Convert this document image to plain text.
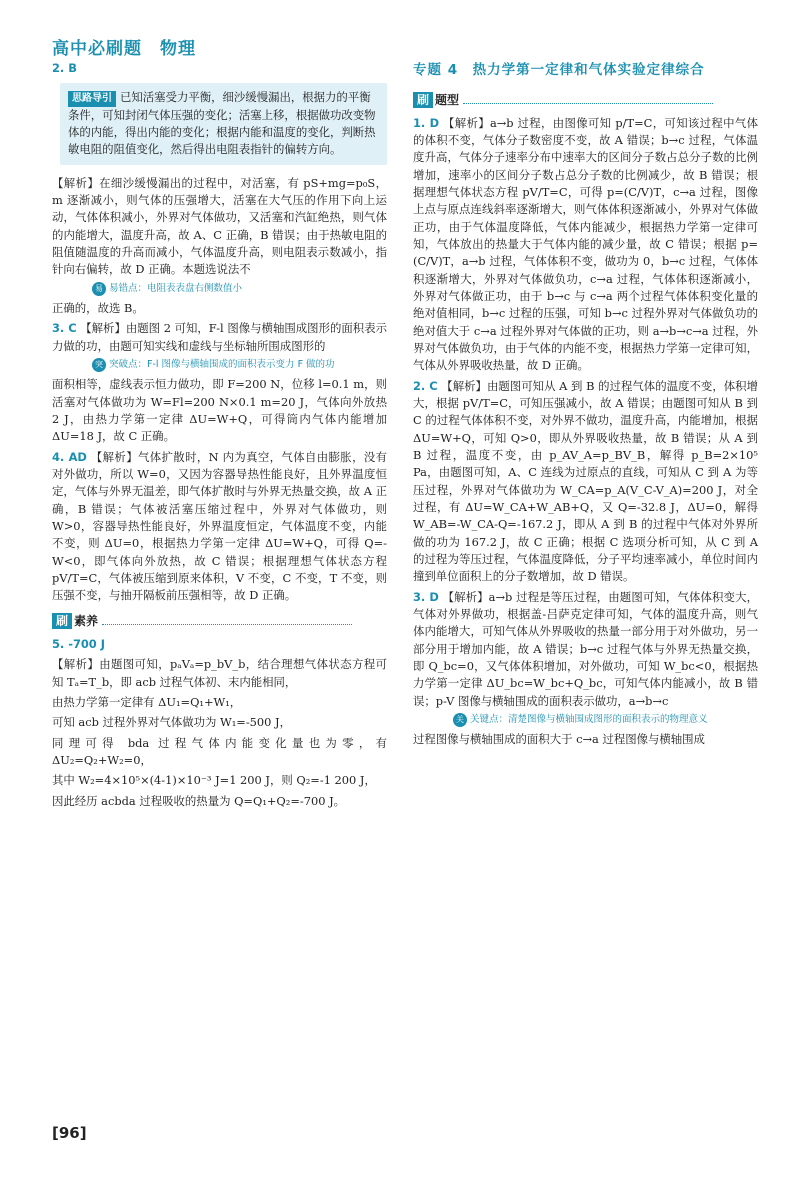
高中必刷题　物理

2. B

思路导引 已知活塞受力平衡，细沙缓慢漏出，根据力的平衡条件，可知封闭气体压强的变化；活塞上移，根据做功改变物体的内能，得出内能的变化；根据内能和温度的变化，判断热敏电阻的阻值变化，然后得出电阻表指针的偏转方向。

【解析】在细沙缓慢漏出的过程中，对活塞，有 pS+mg=p₀S，m 逐渐减小，则气体的压强增大，活塞在大气压的作用下向上运动，气体体积减小，外界对气体做功，又活塞和汽缸绝热，则气体的内能增大，温度升高，故 A、C 正确，B 错误；由于热敏电阻的阻值随温度的升高而减小，气体温度升高，则电阻表示数减小，指针向右偏转，故 D 正确。本题选说法不

易 易错点：电阻表表盘右侧数值小

正确的，故选 B。

3. C 【解析】由题图 2 可知，F-l 图像与横轴围成图形的面积表示力做的功，由题可知实线和虚线与坐标轴所围成图形的

突 突破点：F-l 图像与横轴围成的面积表示变力 F 做的功

面积相等，虚线表示恒力做功，即 F=200 N，位移 l=0.1 m，则活塞对气体做功为 W=Fl=200 N×0.1 m=20 J，气体向外放热 2 J，由热力学第一定律 ΔU=W+Q，可得筒内气体内能增加 ΔU=18 J，故 C 正确。

4. AD 【解析】气体扩散时，N 内为真空，气体自由膨胀，没有对外做功，所以 W=0，又因为容器导热性能良好，且外界温度恒定，气体与外界无温差，即气体扩散时与外界无热量交换，故 A 正确，B 错误；气体被活塞压缩过程中，外界对气体做功，则 W>0，容器导热性能良好，外界温度恒定，气体温度不变，内能不变，则 ΔU=0，根据热力学第一定律 ΔU=W+Q，可得 Q=-W<0，即气体向外放热，故 C 错误；根据理想气体状态方程 pV/T=C，气体被压缩到原来体积，V 不变，C 不变，T 不变，则压强不变，与抽开隔板前压强相等，故 D 正确。

刷 素养

5. -700 J

【解析】由题图可知，pₐVₐ=p_bV_b，结合理想气体状态方程可知 Tₐ=T_b，即 acb 过程气体初、末内能相同，

由热力学第一定律有 ΔU₁=Q₁+W₁，

可知 acb 过程外界对气体做功为 W₁=-500 J，

同理可得 bda 过程气体内能变化量也为零，有 ΔU₂=Q₂+W₂=0，

其中 W₂=4×10⁵×(4-1)×10⁻³ J=1 200 J，则 Q₂=-1 200 J，

因此经历 acbda 过程吸收的热量为 Q=Q₁+Q₂=-700 J。

专题 4　热力学第一定律和气体实验定律综合
刷 题型

1. D 【解析】a→b 过程，由图像可知 p/T=C，可知该过程中气体的体积不变，气体分子数密度不变，故 A 错误；b→c 过程，气体温度升高，气体分子速率分布中速率大的区间分子数占总分子数的比例增加，速率小的区间分子数占总分子数的比例减少，故 B 错误；根据理想气体状态方程 pV/T=C，可得 p=(C/V)T，c→a 过程，图像上点与原点连线斜率逐渐增大，则气体体积逐渐减小，外界对气体做正功，由于气体温度降低，气体内能减少，根据热力学第一定律可知，气体放出的热量大于气体内能的减少量，故 C 错误；根据 p=(C/V)T，a→b 过程，气体体积不变，做功为 0，b→c 过程，气体体积逐渐增大，外界对气体做负功，c→a 过程，气体体积逐渐减小，外界对气体做正功，由于 b→c 与 c→a 两个过程气体体积变化量的绝对值相同，b→c 过程的压强，可知 b→c 过程外界对气体做负功的绝对值大于 c→a 过程外界对气体做的正功，则 a→b→c→a 过程，外界对气体做负功，由于气体的内能不变，根据热力学第一定律可知，气体从外界吸收热量，故 D 正确。

2. C 【解析】由题图可知从 A 到 B 的过程气体的温度不变，体积增大，根据 pV/T=C，可知压强减小，故 A 错误；由题图可知从 B 到 C 的过程气体体积不变，对外界不做功，温度升高，内能增加，根据 ΔU=W+Q，可知 Q>0，即从外界吸收热量，故 B 错误；从 A 到 B 过程，温度不变，由 p_AV_A=p_BV_B，解得 p_B=2×10⁵ Pa，由题图可知，A、C 连线为过原点的直线，可知从 C 到 A 为等压过程，外界对气体做功为 W_CA=p_A(V_C-V_A)=200 J，对全过程，有 ΔU=W_CA+W_AB+Q，又 Q=-32.8 J，ΔU=0，解得 W_AB=-W_CA-Q=-167.2 J，即从 A 到 B 的过程中气体对外界所做的功为 167.2 J，故 C 正确；根据 C 选项分析可知，从 C 到 A 的过程为等压过程，气体温度降低，分子平均速率减小，单位时间内撞到单位面积上的分子数增加，故 D 错误。

3. D 【解析】a→b 过程是等压过程，由题图可知，气体体积变大，气体对外界做功，根据盖-吕萨克定律可知，气体的温度升高，则气体内能增大，可知气体从外界吸收的热量一部分用于对外做功，另一部分用于增加内能，故 A 错误；b→c 过程气体与外界无热量交换，即 Q_bc=0，又气体体积增加，对外做功，可知 W_bc<0，根据热力学第一定律 ΔU_bc=W_bc+Q_bc，可知气体内能减小，故 B 错误；p-V 图像与横轴围成的面积表示做功，a→b→c

关 关键点：清楚图像与横轴围成图形的面积表示的物理意义

过程图像与横轴围成的面积大于 c→a 过程图像与横轴围成

[96]
